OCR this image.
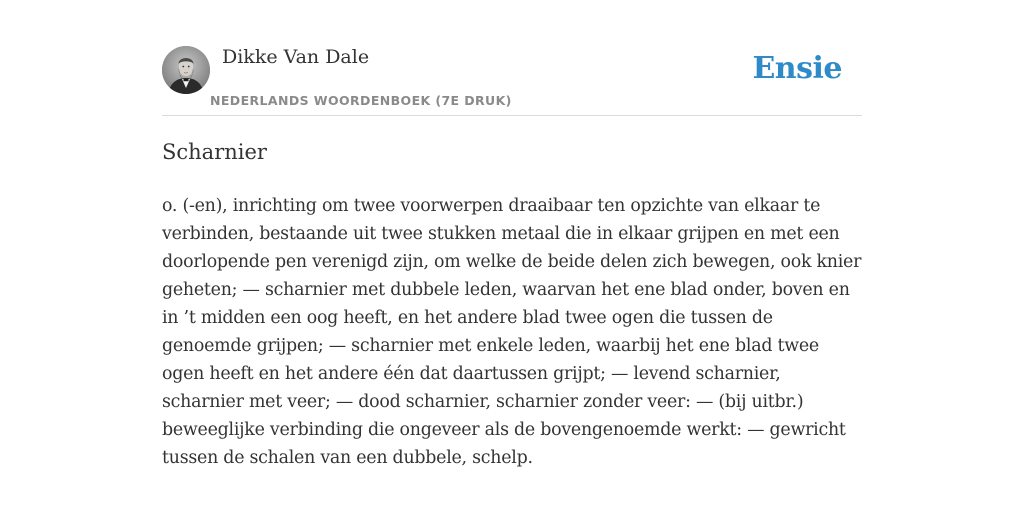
Dikke Van Dale
NEDERLANDS WOORDENBOEK (7E DRUK)
Ensie
Scharnier

o. (-en), inrichting om twee voorwerpen draaibaar ten opzichte van elkaar te verbinden, bestaande uit twee stukken metaal die in elkaar grijpen en met een doorlopende pen verenigd zijn, om welke de beide delen zich bewegen, ook knier geheten; — scharnier met dubbele leden, waarvan het ene blad onder, boven en in ’t midden een oog heeft, en het andere blad twee ogen die tussen de genoemde grijpen; — scharnier met enkele leden, waarbij het ene blad twee ogen heeft en het andere één dat daartussen grijpt; — levend scharnier, scharnier met veer; — dood scharnier, scharnier zonder veer: — (bij uitbr.) beweeglijke verbinding die ongeveer als de bovengenoemde werkt: — gewricht tussen de schalen van een dubbele, schelp.
